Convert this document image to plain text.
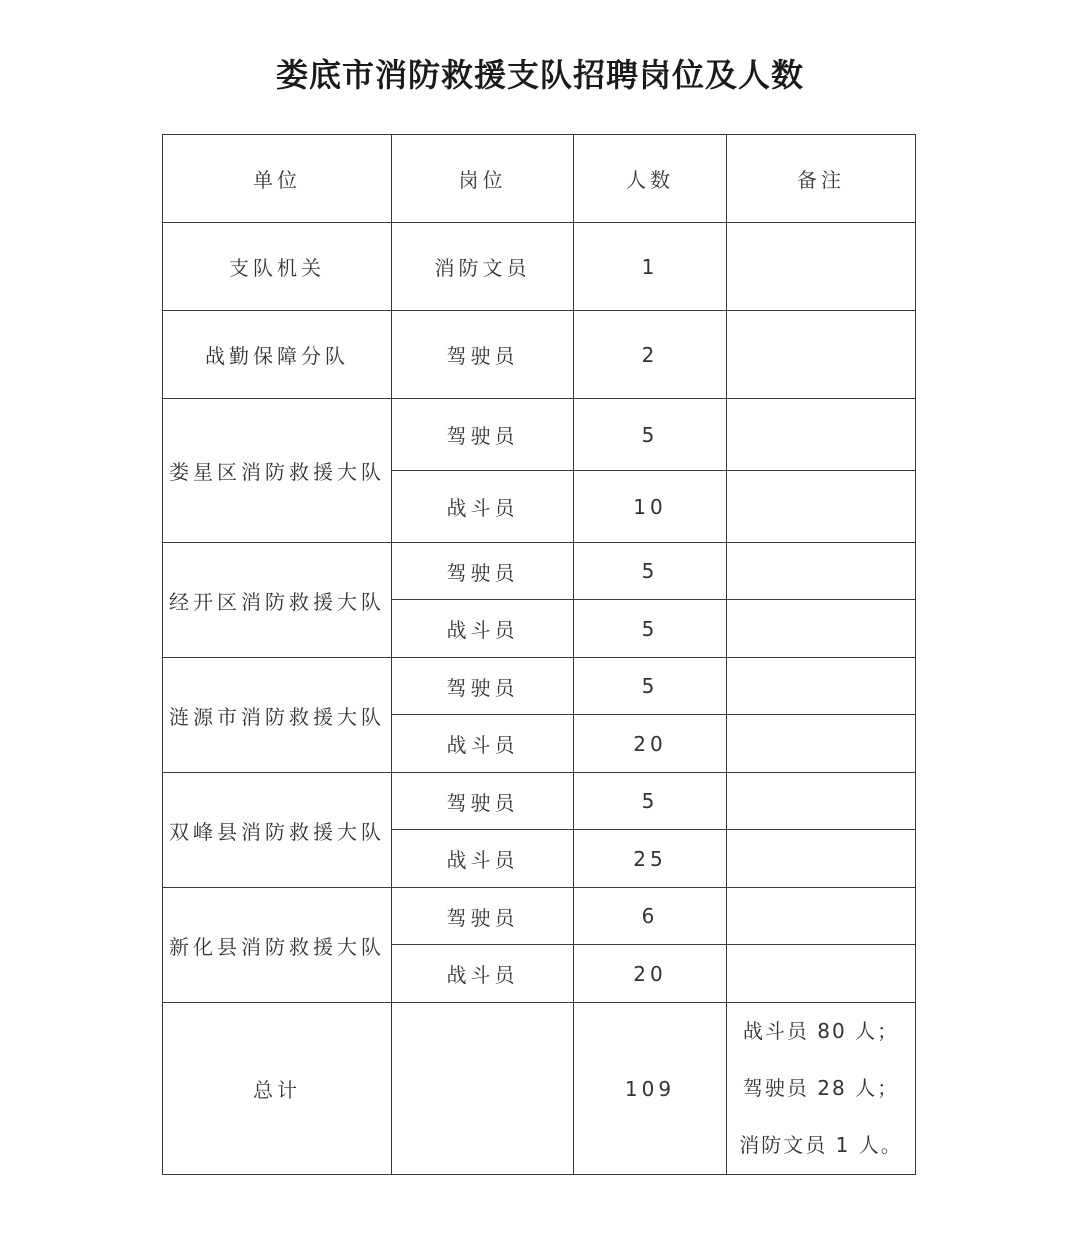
娄底市消防救援支队招聘岗位及人数
单位	岗位	人数	备注
支队机关	消防文员	1	
战勤保障分队	驾驶员	2	
娄星区消防救援大队	驾驶员	5	
	战斗员	10	
经开区消防救援大队	驾驶员	5	
	战斗员	5	
涟源市消防救援大队	驾驶员	5	
	战斗员	20	
双峰县消防救援大队	驾驶员	5	
	战斗员	25	
新化县消防救援大队	驾驶员	6	
	战斗员	20	
总计		109	战斗员 80 人；
驾驶员 28 人；
消防文员 1 人。
